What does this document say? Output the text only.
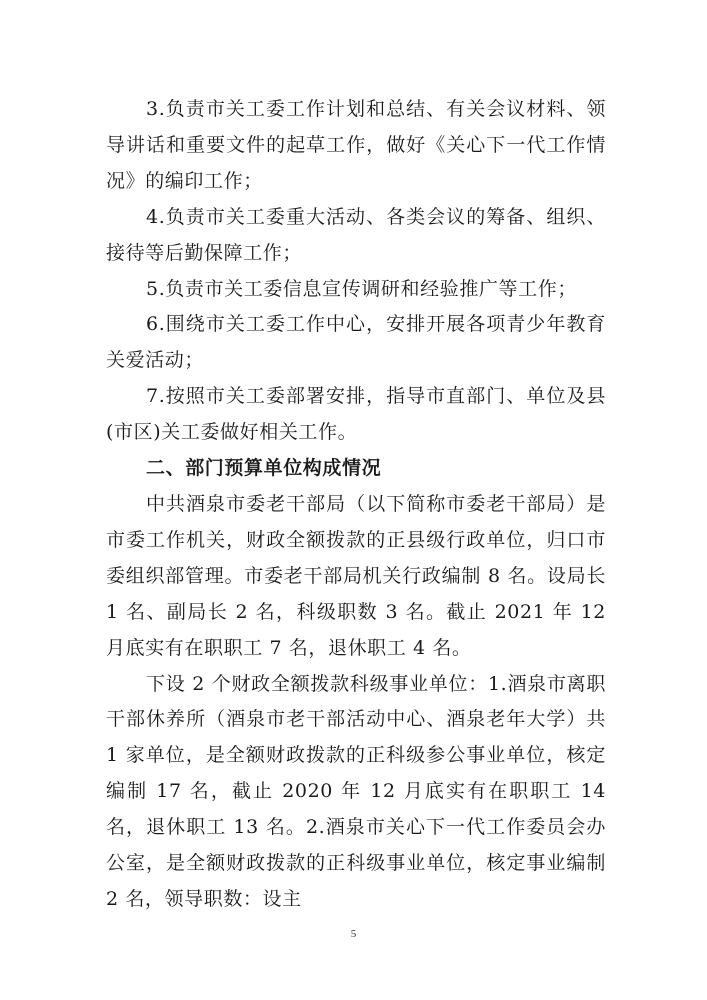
3.负责市关工委工作计划和总结、有关会议材料、领导讲话和重要文件的起草工作，做好《关心下一代工作情况》的编印工作；

4.负责市关工委重大活动、各类会议的筹备、组织、接待等后勤保障工作；

5.负责市关工委信息宣传调研和经验推广等工作；

6.围绕市关工委工作中心，安排开展各项青少年教育关爱活动；

7.按照市关工委部署安排，指导市直部门、单位及县(市区)关工委做好相关工作。

二、部门预算单位构成情况

中共酒泉市委老干部局（以下简称市委老干部局）是市委工作机关，财政全额拨款的正县级行政单位，归口市委组织部管理。市委老干部局机关行政编制 8 名。设局长 1 名、副局长 2 名，科级职数 3 名。截止 2021 年 12 月底实有在职职工 7 名，退休职工 4 名。

下设 2 个财政全额拨款科级事业单位：1.酒泉市离职干部休养所（酒泉市老干部活动中心、酒泉老年大学）共 1 家单位，是全额财政拨款的正科级参公事业单位，核定编制 17 名，截止 2020 年 12 月底实有在职职工 14 名，退休职工 13 名。2.酒泉市关心下一代工作委员会办公室，是全额财政拨款的正科级事业单位，核定事业编制 2 名，领导职数：设主

5
